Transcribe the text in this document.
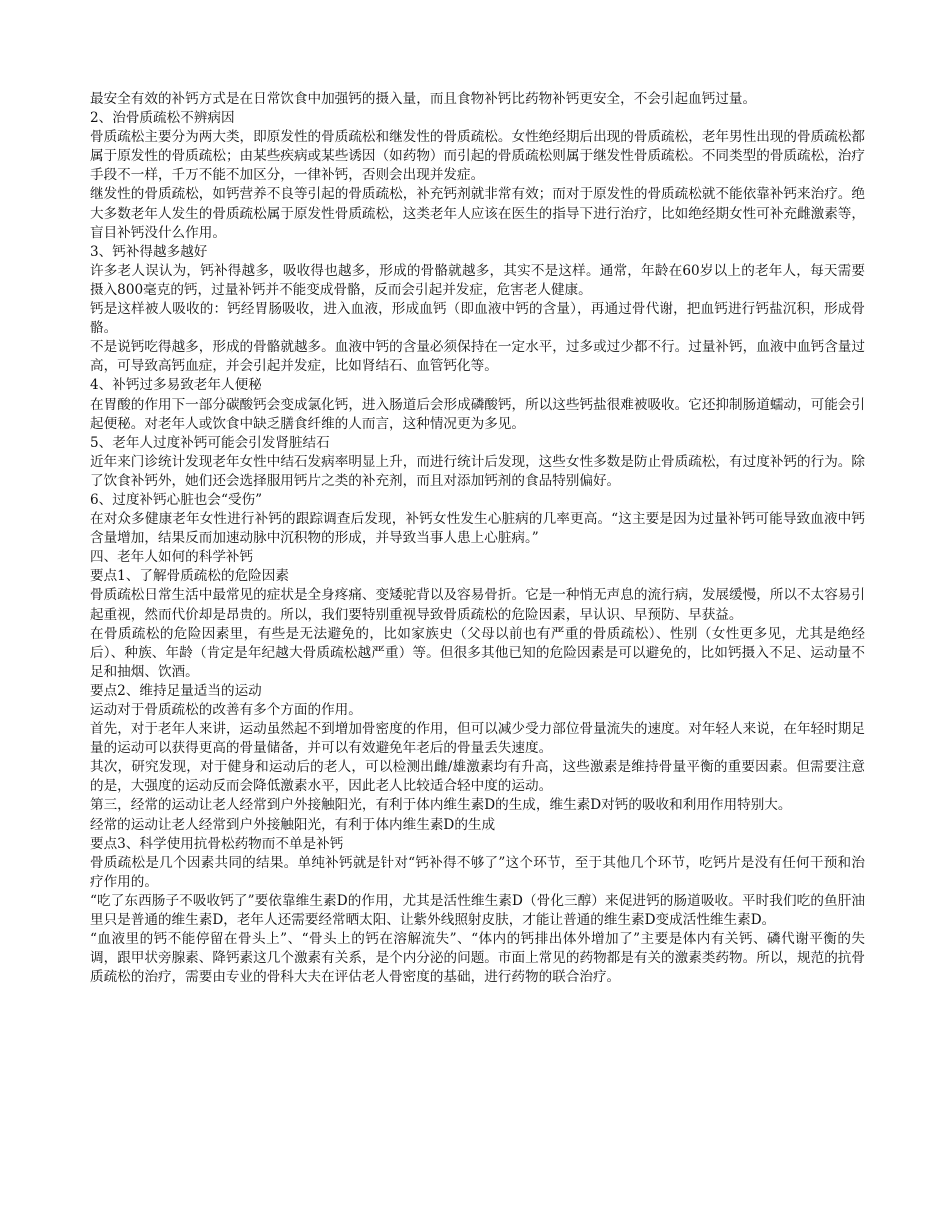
最安全有效的补钙方式是在日常饮食中加强钙的摄入量，而且食物补钙比药物补钙更安全，不会引起血钙过量。

2、治骨质疏松不辨病因

骨质疏松主要分为两大类，即原发性的骨质疏松和继发性的骨质疏松。女性绝经期后出现的骨质疏松，老年男性出现的骨质疏松都属于原发性的骨质疏松；由某些疾病或某些诱因（如药物）而引起的骨质疏松则属于继发性骨质疏松。不同类型的骨质疏松，治疗手段不一样，千万不能不加区分，一律补钙，否则会出现并发症。

继发性的骨质疏松，如钙营养不良等引起的骨质疏松，补充钙剂就非常有效；而对于原发性的骨质疏松就不能依靠补钙来治疗。绝大多数老年人发生的骨质疏松属于原发性骨质疏松，这类老年人应该在医生的指导下进行治疗，比如绝经期女性可补充雌激素等，盲目补钙没什么作用。

3、钙补得越多越好

许多老人误认为，钙补得越多，吸收得也越多，形成的骨骼就越多，其实不是这样。通常，年龄在60岁以上的老年人，每天需要摄入800毫克的钙，过量补钙并不能变成骨骼，反而会引起并发症，危害老人健康。

钙是这样被人吸收的：钙经胃肠吸收，进入血液，形成血钙（即血液中钙的含量），再通过骨代谢，把血钙进行钙盐沉积，形成骨骼。

不是说钙吃得越多，形成的骨骼就越多。血液中钙的含量必须保持在一定水平，过多或过少都不行。过量补钙，血液中血钙含量过高，可导致高钙血症，并会引起并发症，比如肾结石、血管钙化等。

4、补钙过多易致老年人便秘

在胃酸的作用下一部分碳酸钙会变成氯化钙，进入肠道后会形成磷酸钙，所以这些钙盐很难被吸收。它还抑制肠道蠕动，可能会引起便秘。对老年人或饮食中缺乏膳食纤维的人而言，这种情况更为多见。

5、老年人过度补钙可能会引发肾脏结石

近年来门诊统计发现老年女性中结石发病率明显上升，而进行统计后发现，这些女性多数是防止骨质疏松，有过度补钙的行为。除了饮食补钙外，她们还会选择服用钙片之类的补充剂，而且对添加钙剂的食品特别偏好。

6、过度补钙心脏也会“受伤”

在对众多健康老年女性进行补钙的跟踪调查后发现，补钙女性发生心脏病的几率更高。“这主要是因为过量补钙可能导致血液中钙含量增加，结果反而加速动脉中沉积物的形成，并导致当事人患上心脏病。”

四、老年人如何的科学补钙

要点1、了解骨质疏松的危险因素

骨质疏松日常生活中最常见的症状是全身疼痛、变矮驼背以及容易骨折。它是一种悄无声息的流行病，发展缓慢，所以不太容易引起重视，然而代价却是昂贵的。所以，我们要特别重视导致骨质疏松的危险因素，早认识、早预防、早获益。

在骨质疏松的危险因素里，有些是无法避免的，比如家族史（父母以前也有严重的骨质疏松）、性别（女性更多见，尤其是绝经后）、种族、年龄（肯定是年纪越大骨质疏松越严重）等。但很多其他已知的危险因素是可以避免的，比如钙摄入不足、运动量不足和抽烟、饮酒。

要点2、维持足量适当的运动

运动对于骨质疏松的改善有多个方面的作用。

首先，对于老年人来讲，运动虽然起不到增加骨密度的作用，但可以减少受力部位骨量流失的速度。对年轻人来说，在年轻时期足量的运动可以获得更高的骨量储备，并可以有效避免年老后的骨量丢失速度。

其次，研究发现，对于健身和运动后的老人，可以检测出雌/雄激素均有升高，这些激素是维持骨量平衡的重要因素。但需要注意的是，大强度的运动反而会降低激素水平，因此老人比较适合轻中度的运动。

第三，经常的运动让老人经常到户外接触阳光，有利于体内维生素D的生成，维生素D对钙的吸收和利用作用特别大。

经常的运动让老人经常到户外接触阳光，有利于体内维生素D的生成

要点3、科学使用抗骨松药物而不单是补钙

骨质疏松是几个因素共同的结果。单纯补钙就是针对“钙补得不够了”这个环节，至于其他几个环节，吃钙片是没有任何干预和治疗作用的。

“吃了东西肠子不吸收钙了”要依靠维生素D的作用，尤其是活性维生素D（骨化三醇）来促进钙的肠道吸收。平时我们吃的鱼肝油里只是普通的维生素D，老年人还需要经常晒太阳、让紫外线照射皮肤，才能让普通的维生素D变成活性维生素D。

“血液里的钙不能停留在骨头上”、“骨头上的钙在溶解流失”、“体内的钙排出体外增加了”主要是体内有关钙、磷代谢平衡的失调，跟甲状旁腺素、降钙素这几个激素有关系，是个内分泌的问题。市面上常见的药物都是有关的激素类药物。所以，规范的抗骨质疏松的治疗，需要由专业的骨科大夫在评估老人骨密度的基础，进行药物的联合治疗。
